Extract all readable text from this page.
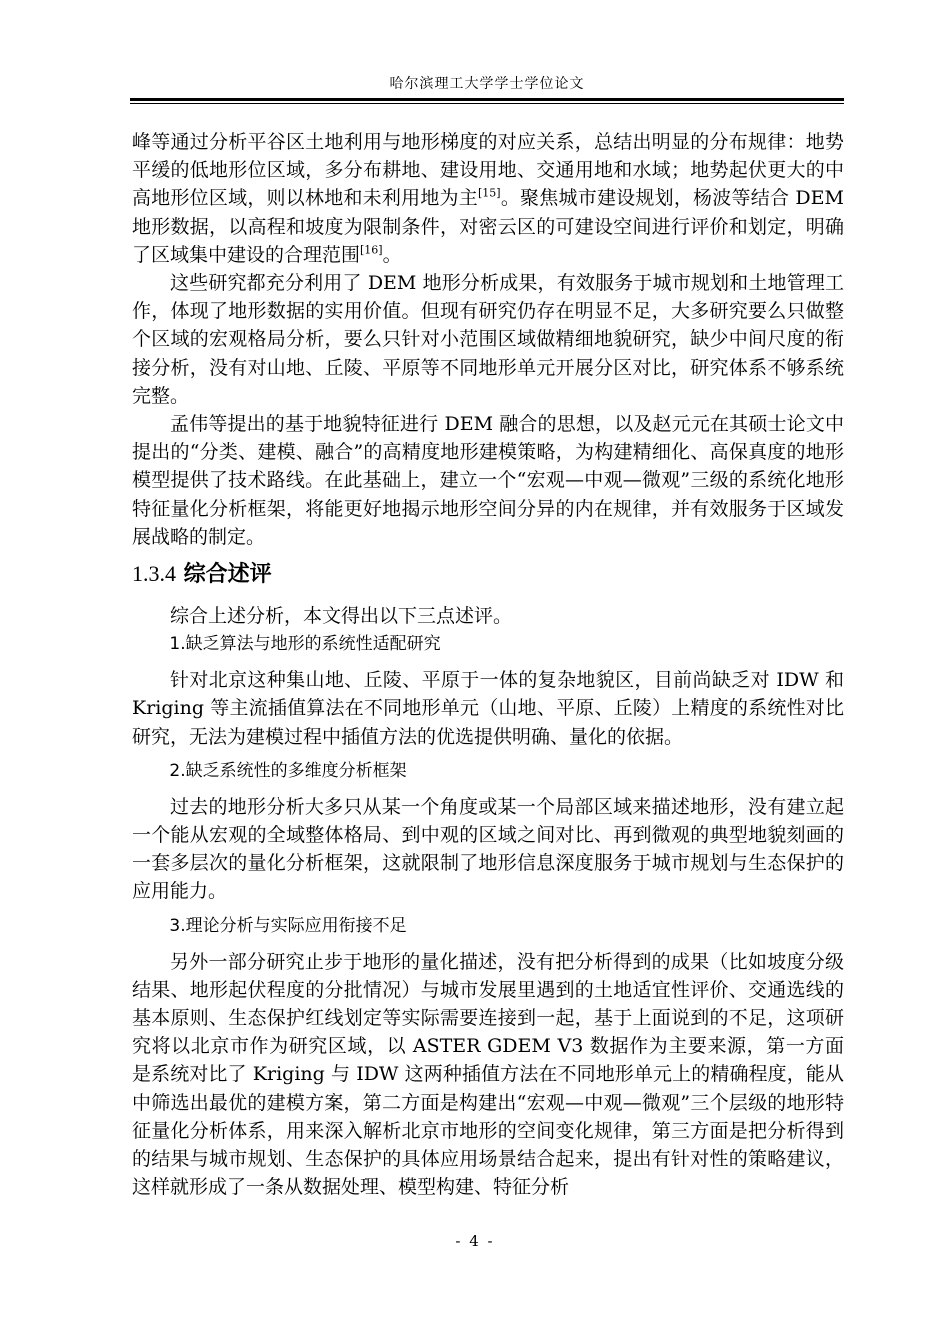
哈尔滨理工大学学士学位论文

峰等通过分析平谷区土地利用与地形梯度的对应关系，总结出明显的分布规律：地势平缓的低地形位区域，多分布耕地、建设用地、交通用地和水域；地势起伏更大的中高地形位区域，则以林地和未利用地为主[15]。聚焦城市建设规划，杨波等结合 DEM 地形数据，以高程和坡度为限制条件，对密云区的可建设空间进行评价和划定，明确了区域集中建设的合理范围[16]。

这些研究都充分利用了 DEM 地形分析成果，有效服务于城市规划和土地管理工作，体现了地形数据的实用价值。但现有研究仍存在明显不足，大多研究要么只做整个区域的宏观格局分析，要么只针对小范围区域做精细地貌研究，缺少中间尺度的衔接分析，没有对山地、丘陵、平原等不同地形单元开展分区对比，研究体系不够系统完整。

孟伟等提出的基于地貌特征进行 DEM 融合的思想，以及赵元元在其硕士论文中提出的“分类、建模、融合”的高精度地形建模策略，为构建精细化、高保真度的地形模型提供了技术路线。在此基础上，建立一个“宏观—中观—微观”三级的系统化地形特征量化分析框架，将能更好地揭示地形空间分异的内在规律，并有效服务于区域发展战略的制定。

1.3.4 综合述评

综合上述分析，本文得出以下三点述评。

1.缺乏算法与地形的系统性适配研究

针对北京这种集山地、丘陵、平原于一体的复杂地貌区，目前尚缺乏对 IDW 和 Kriging 等主流插值算法在不同地形单元（山地、平原、丘陵）上精度的系统性对比研究，无法为建模过程中插值方法的优选提供明确、量化的依据。

2.缺乏系统性的多维度分析框架

过去的地形分析大多只从某一个角度或某一个局部区域来描述地形，没有建立起一个能从宏观的全域整体格局、到中观的区域之间对比、再到微观的典型地貌刻画的一套多层次的量化分析框架，这就限制了地形信息深度服务于城市规划与生态保护的应用能力。

3.理论分析与实际应用衔接不足

另外一部分研究止步于地形的量化描述，没有把分析得到的成果（比如坡度分级结果、地形起伏程度的分批情况）与城市发展里遇到的土地适宜性评价、交通选线的基本原则、生态保护红线划定等实际需要连接到一起，基于上面说到的不足，这项研究将以北京市作为研究区域，以 ASTER GDEM V3 数据作为主要来源，第一方面是系统对比了 Kriging 与 IDW 这两种插值方法在不同地形单元上的精确程度，能从中筛选出最优的建模方案，第二方面是构建出“宏观—中观—微观”三个层级的地形特征量化分析体系，用来深入解析北京市地形的空间变化规律，第三方面是把分析得到的结果与城市规划、生态保护的具体应用场景结合起来，提出有针对性的策略建议，这样就形成了一条从数据处理、模型构建、特征分析

- 4 -
